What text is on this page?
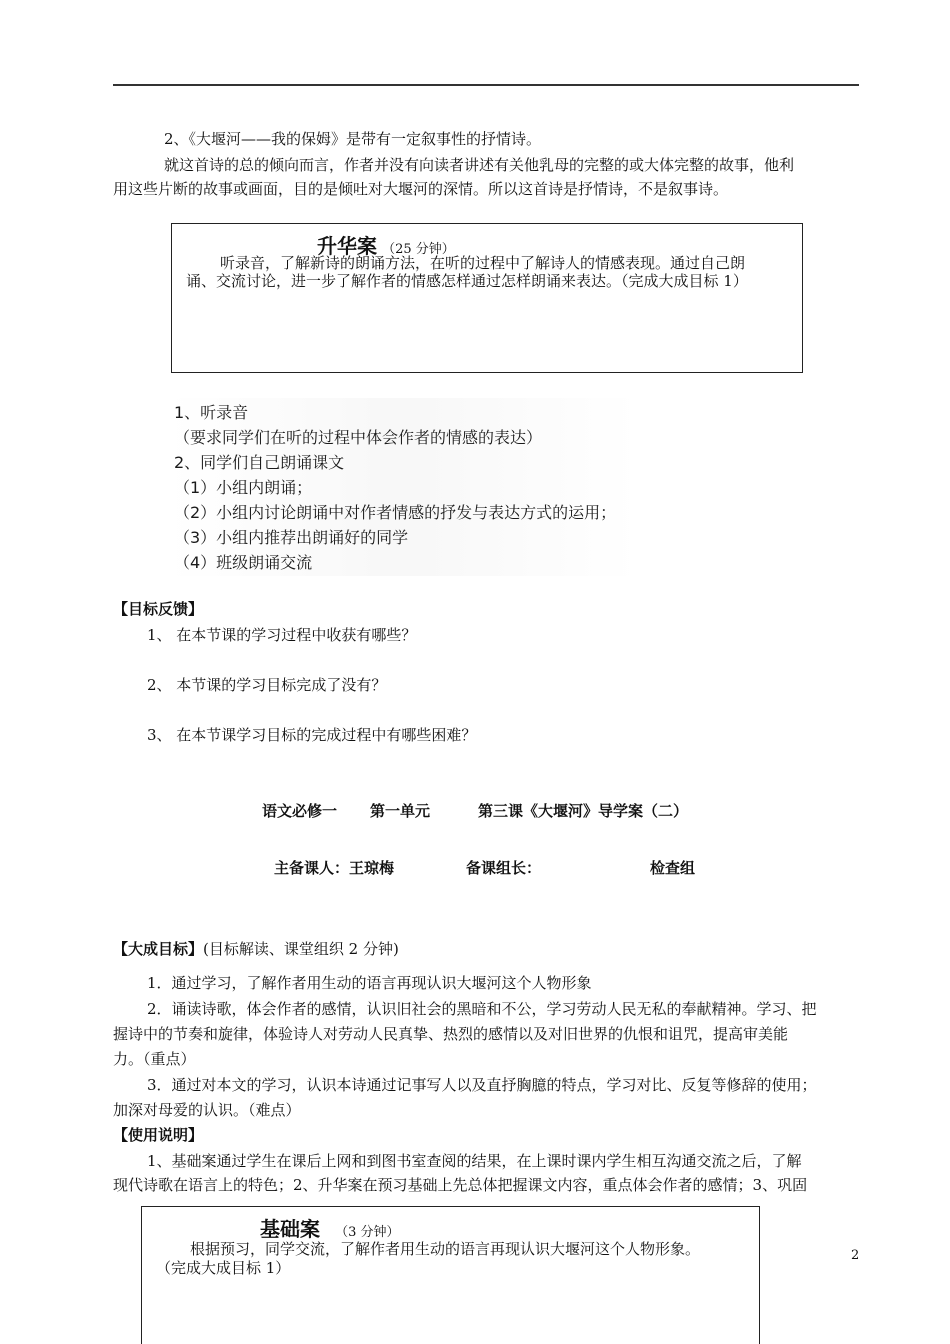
2、《大堰河——我的保姆》是带有一定叙事性的抒情诗。
就这首诗的总的倾向而言，作者并没有向读者讲述有关他乳母的完整的或大体完整的故事，他利
用这些片断的故事或画面，目的是倾吐对大堰河的深情。所以这首诗是抒情诗，不是叙事诗。
升华案 （25 分钟）
听录音，了解新诗的朗诵方法，在听的过程中了解诗人的情感表现。通过自己朗
诵、交流讨论，进一步了解作者的情感怎样通过怎样朗诵来表达。（完成大成目标 1）
1、听录音
（要求同学们在听的过程中体会作者的情感的表达）
2、同学们自己朗诵课文
（1）小组内朗诵；
（2）小组内讨论朗诵中对作者情感的抒发与表达方式的运用；
（3）小组内推荐出朗诵好的同学
（4）班级朗诵交流
【目标反馈】
1、 在本节课的学习过程中收获有哪些？
2、 本节课的学习目标完成了没有？
3、 在本节课学习目标的完成过程中有哪些困难？
语文必修一 第一单元	第三课《大堰河》导学案（二）
主备课人：王琼梅	备课组长：	检查组
【大成目标】(目标解读、课堂组织 2 分钟)
1．通过学习，了解作者用生动的语言再现认识大堰河这个人物形象
2．诵读诗歌，体会作者的感情，认识旧社会的黑暗和不公，学习劳动人民无私的奉献精神。学习、把
握诗中的节奏和旋律，体验诗人对劳动人民真挚、热烈的感情以及对旧世界的仇恨和诅咒，提高审美能
力。（重点）
3．通过对本文的学习，认识本诗通过记事写人以及直抒胸臆的特点，学习对比、反复等修辞的使用；
加深对母爱的认识。（难点）
【使用说明】
1、基础案通过学生在课后上网和到图书室查阅的结果，在上课时课内学生相互沟通交流之后，了解
现代诗歌在语言上的特色；2、升华案在预习基础上先总体把握课文内容，重点体会作者的感情；3、巩固
基础案 （3 分钟）
根据预习，同学交流，了解作者用生动的语言再现认识大堰河这个人物形象。
（完成大成目标 1）
2
